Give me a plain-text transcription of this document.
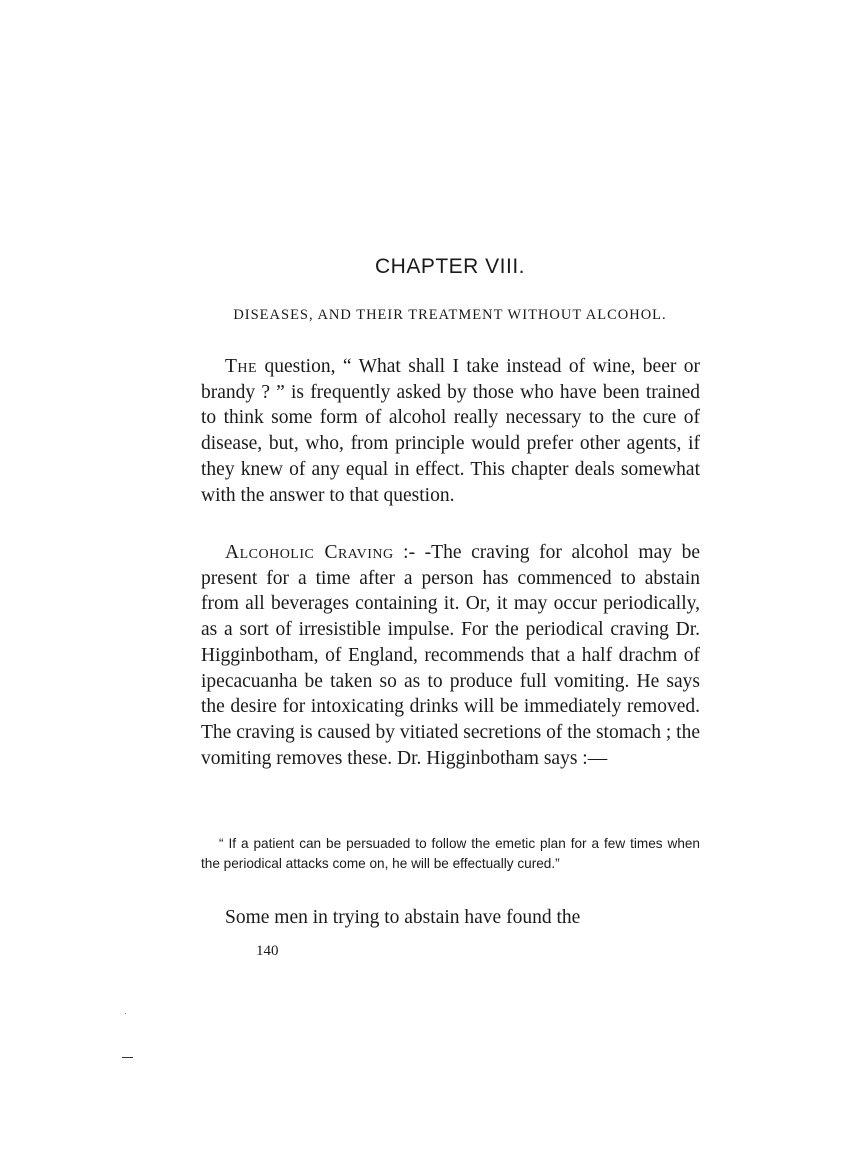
CHAPTER VIII.
DISEASES, AND THEIR TREATMENT WITHOUT ALCOHOL.

The question, “ What shall I take instead of wine, beer or brandy ? ” is frequently asked by those who have been trained to think some form of alcohol really necessary to the cure of disease, but, who, from principle would prefer other agents, if they knew of any equal in effect. This chapter deals somewhat with the answer to that question.

Alcoholic Craving :- -The craving for alcohol may be present for a time after a person has commenced to abstain from all beverages containing it. Or, it may occur periodically, as a sort of irresistible impulse. For the periodical craving Dr. Higginbotham, of England, recommends that a half drachm of ipecacuanha be taken so as to produce full vomiting. He says the desire for intoxicating drinks will be immediately removed. The craving is caused by vitiated secretions of the stomach ; the vomiting removes these. Dr. Higginbotham says :—

“ If a patient can be persuaded to follow the emetic plan for a few times when the periodical attacks come on, he will be effectually cured.”

Some men in trying to abstain have found the

140
